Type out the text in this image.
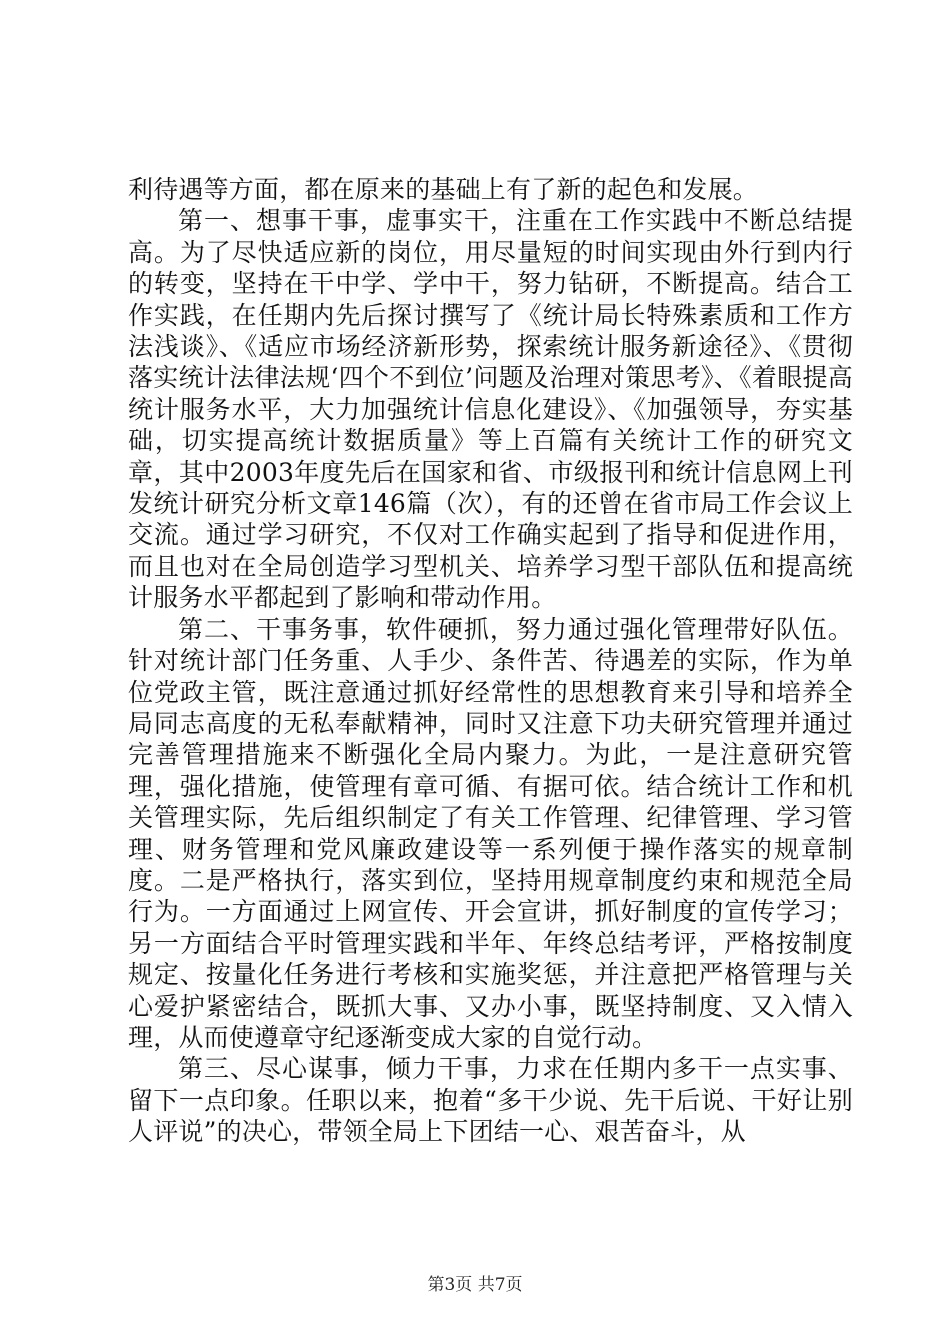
利待遇等方面，都在原来的基础上有了新的起色和发展。

第一、想事干事，虚事实干，注重在工作实践中不断总结提高。为了尽快适应新的岗位，用尽量短的时间实现由外行到内行的转变，坚持在干中学、学中干，努力钻研，不断提高。结合工作实践，在任期内先后探讨撰写了《统计局长特殊素质和工作方法浅谈》、《适应市场经济新形势，探索统计服务新途径》、《贯彻落实统计法律法规‘四个不到位’问题及治理对策思考》、《着眼提高统计服务水平，大力加强统计信息化建设》、《加强领导，夯实基础，切实提高统计数据质量》等上百篇有关统计工作的研究文章，其中2003年度先后在国家和省、市级报刊和统计信息网上刊发统计研究分析文章146篇（次），有的还曾在省市局工作会议上交流。通过学习研究，不仅对工作确实起到了指导和促进作用，而且也对在全局创造学习型机关、培养学习型干部队伍和提高统计服务水平都起到了影响和带动作用。

第二、干事务事，软件硬抓，努力通过强化管理带好队伍。针对统计部门任务重、人手少、条件苦、待遇差的实际，作为单位党政主管，既注意通过抓好经常性的思想教育来引导和培养全局同志高度的无私奉献精神，同时又注意下功夫研究管理并通过完善管理措施来不断强化全局内聚力。为此，一是注意研究管理，强化措施，使管理有章可循、有据可依。结合统计工作和机关管理实际，先后组织制定了有关工作管理、纪律管理、学习管理、财务管理和党风廉政建设等一系列便于操作落实的规章制度。二是严格执行，落实到位，坚持用规章制度约束和规范全局行为。一方面通过上网宣传、开会宣讲，抓好制度的宣传学习；另一方面结合平时管理实践和半年、年终总结考评，严格按制度规定、按量化任务进行考核和实施奖惩，并注意把严格管理与关心爱护紧密结合，既抓大事、又办小事，既坚持制度、又入情入理，从而使遵章守纪逐渐变成大家的自觉行动。

第三、尽心谋事，倾力干事，力求在任期内多干一点实事、留下一点印象。任职以来，抱着“多干少说、先干后说、干好让别人评说”的决心，带领全局上下团结一心、艰苦奋斗，从

第3页 共7页
